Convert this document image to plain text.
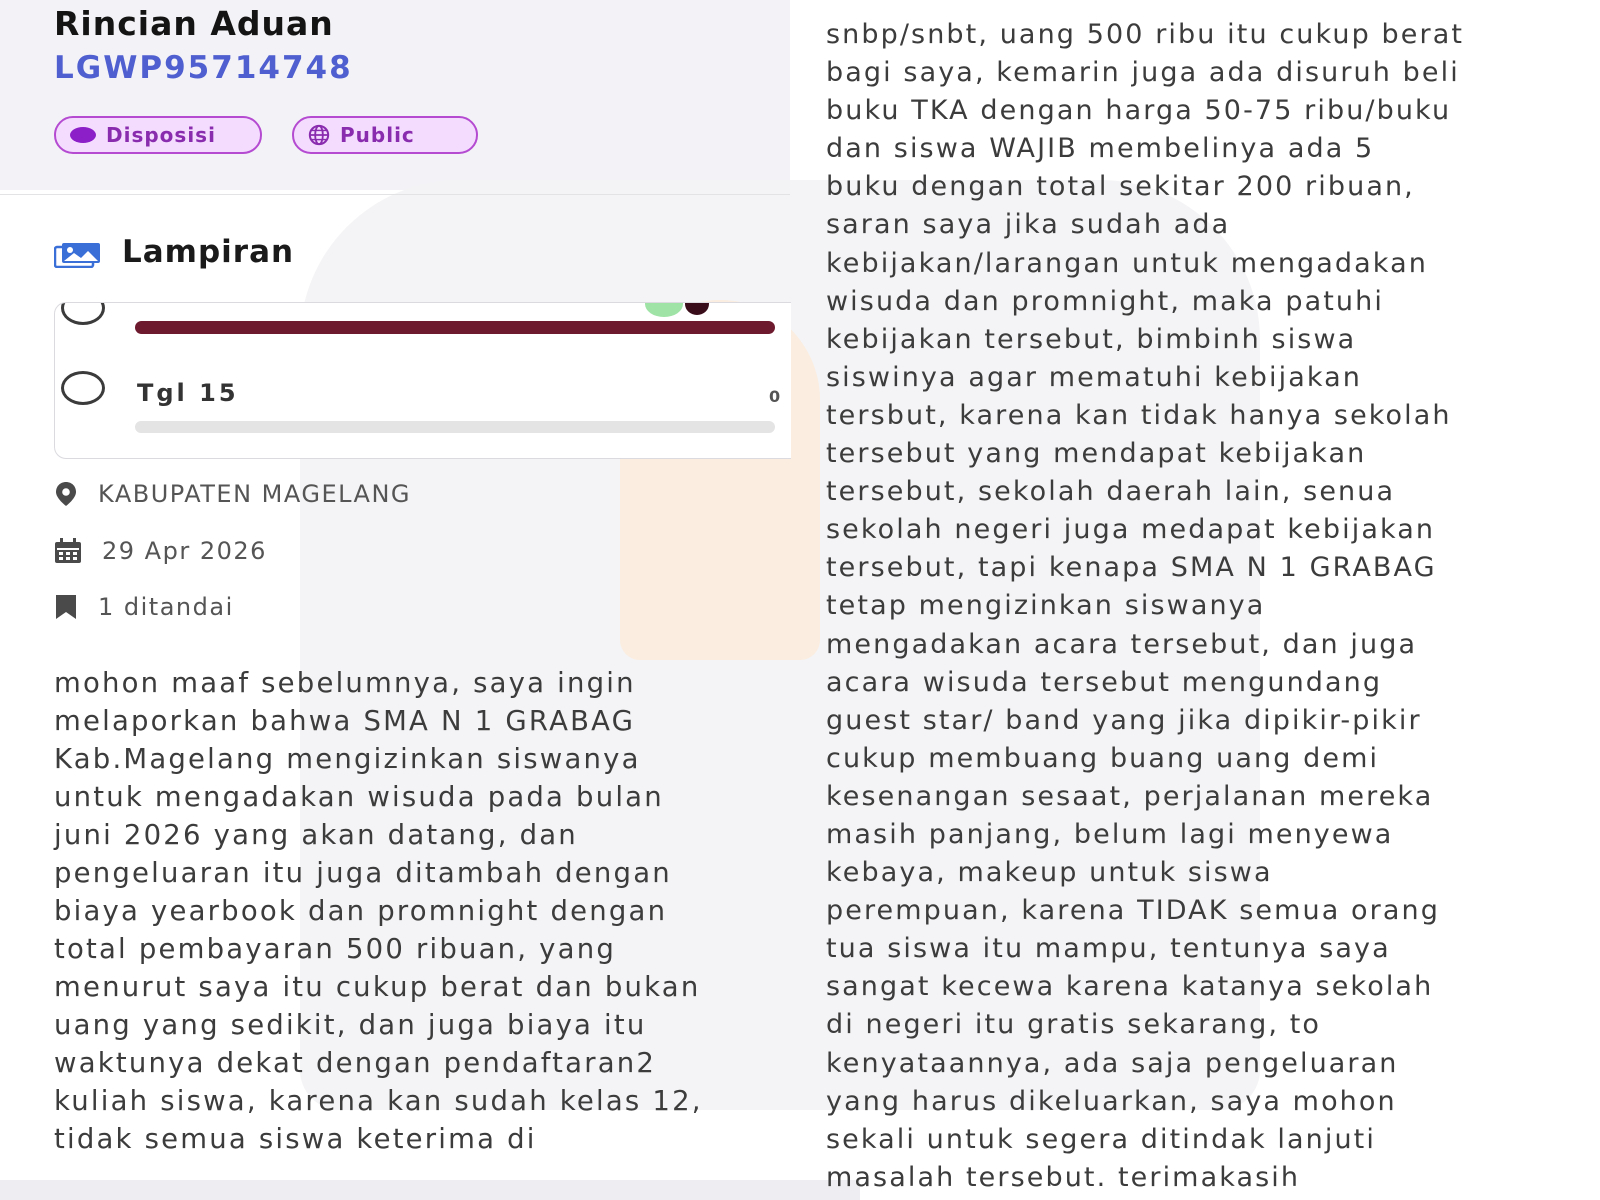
Rincian Aduan
LGWP95714748
Disposisi	Public
Lampiran
Tgl 15	0
KABUPATEN MAGELANG
29 Apr 2026
1 ditandai

mohon maaf sebelumnya, saya ingin
melaporkan bahwa SMA N 1 GRABAG
Kab.Magelang mengizinkan siswanya
untuk mengadakan wisuda pada bulan
juni 2026 yang akan datang, dan
pengeluaran itu juga ditambah dengan
biaya yearbook dan promnight dengan
total pembayaran 500 ribuan, yang
menurut saya itu cukup berat dan bukan
uang yang sedikit, dan juga biaya itu
waktunya dekat dengan pendaftaran2
kuliah siswa, karena kan sudah kelas 12,
tidak semua siswa keterima di

snbp/snbt, uang 500 ribu itu cukup berat
bagi saya, kemarin juga ada disuruh beli
buku TKA dengan harga 50-75 ribu/buku
dan siswa WAJIB membelinya ada 5
buku dengan total sekitar 200 ribuan,
saran saya jika sudah ada
kebijakan/larangan untuk mengadakan
wisuda dan promnight, maka patuhi
kebijakan tersebut, bimbinh siswa
siswinya agar mematuhi kebijakan
tersbut, karena kan tidak hanya sekolah
tersebut yang mendapat kebijakan
tersebut, sekolah daerah lain, senua
sekolah negeri juga medapat kebijakan
tersebut, tapi kenapa SMA N 1 GRABAG
tetap mengizinkan siswanya
mengadakan acara tersebut, dan juga
acara wisuda tersebut mengundang
guest star/ band yang jika dipikir-pikir
cukup membuang buang uang demi
kesenangan sesaat, perjalanan mereka
masih panjang, belum lagi menyewa
kebaya, makeup untuk siswa
perempuan, karena TIDAK semua orang
tua siswa itu mampu, tentunya saya
sangat kecewa karena katanya sekolah
di negeri itu gratis sekarang, to
kenyataannya, ada saja pengeluaran
yang harus dikeluarkan, saya mohon
sekali untuk segera ditindak lanjuti
masalah tersebut. terimakasih
